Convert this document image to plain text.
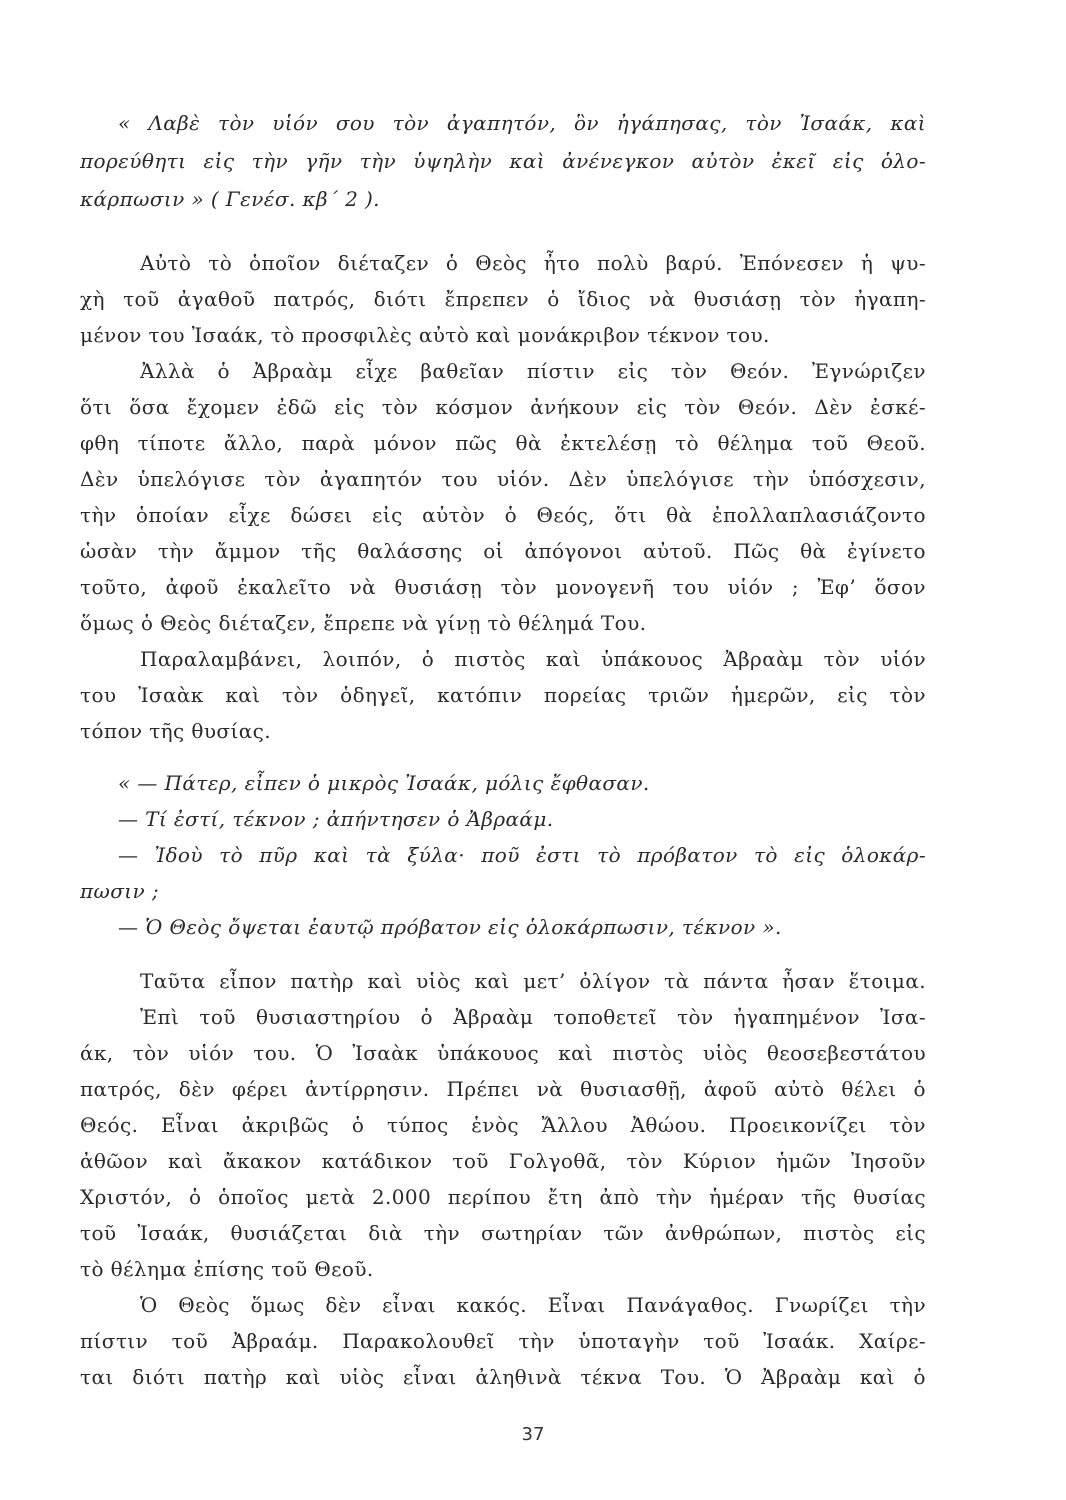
« Λαβὲ τὸν υἱόν σου τὸν ἀγαπητόν, ὃν ἠγάπησας, τὸν Ἰσαάκ, καὶ
πορεύθητι εἰς τὴν γῆν τὴν ὑψηλὴν καὶ ἀνένεγκον αὐτὸν ἐκεῖ εἰς ὁλο-
κάρπωσιν » ( Γενέσ. κβ΄ 2 ).
Αὐτὸ τὸ ὁποῖον διέταζεν ὁ Θεὸς ἦτο πολὺ βαρύ. Ἐπόνεσεν ἡ ψυ-
χὴ τοῦ ἀγαθοῦ πατρός, διότι ἔπρεπεν ὁ ἴδιος νὰ θυσιάσῃ τὸν ἠγαπη-
μένον του Ἰσαάκ, τὸ προσφιλὲς αὐτὸ καὶ μονάκριβον τέκνον του.
Ἀλλὰ ὁ Ἀβραὰμ εἶχε βαθεῖαν πίστιν εἰς τὸν Θεόν. Ἐγνώριζεν
ὅτι ὅσα ἔχομεν ἐδῶ εἰς τὸν κόσμον ἀνήκουν εἰς τὸν Θεόν. Δὲν ἐσκέ-
φθη τίποτε ἄλλο, παρὰ μόνον πῶς θὰ ἐκτελέσῃ τὸ θέλημα τοῦ Θεοῦ.
Δὲν ὑπελόγισε τὸν ἀγαπητόν του υἱόν. Δὲν ὑπελόγισε τὴν ὑπόσχεσιν,
τὴν ὁποίαν εἶχε δώσει εἰς αὐτὸν ὁ Θεός, ὅτι θὰ ἐπολλαπλασιάζοντο
ὡσὰν τὴν ἄμμον τῆς θαλάσσης οἱ ἀπόγονοι αὐτοῦ. Πῶς θὰ ἐγίνετο
τοῦτο, ἀφοῦ ἐκαλεῖτο νὰ θυσιάσῃ τὸν μονογενῆ του υἱόν ; Ἐφ’ ὅσον
ὅμως ὁ Θεὸς διέταζεν, ἔπρεπε νὰ γίνῃ τὸ θέλημά Του.
Παραλαμβάνει, λοιπόν, ὁ πιστὸς καὶ ὑπάκουος Ἀβραὰμ τὸν υἱόν
του Ἰσαὰκ καὶ τὸν ὁδηγεῖ, κατόπιν πορείας τριῶν ἡμερῶν, εἰς τὸν
τόπον τῆς θυσίας.
« — Πάτερ, εἶπεν ὁ μικρὸς Ἰσαάκ, μόλις ἔφθασαν.
— Τί ἐστί, τέκνον ; ἀπήντησεν ὁ Ἀβραάμ.
— Ἰδοὺ τὸ πῦρ καὶ τὰ ξύλα· ποῦ ἐστι τὸ πρόβατον τὸ εἰς ὁλοκάρ-
πωσιν ;
— Ὁ Θεὸς ὄψεται ἑαυτῷ πρόβατον εἰς ὁλοκάρπωσιν, τέκνον ».
Ταῦτα εἶπον πατὴρ καὶ υἱὸς καὶ μετ’ ὀλίγον τὰ πάντα ἦσαν ἕτοιμα.
Ἐπὶ τοῦ θυσιαστηρίου ὁ Ἀβραὰμ τοποθετεῖ τὸν ἠγαπημένον Ἰσα-
άκ, τὸν υἱόν του. Ὁ Ἰσαὰκ ὑπάκουος καὶ πιστὸς υἱὸς θεοσεβεστάτου
πατρός, δὲν φέρει ἀντίρρησιν. Πρέπει νὰ θυσιασθῇ, ἀφοῦ αὐτὸ θέλει ὁ
Θεός. Εἶναι ἀκριβῶς ὁ τύπος ἑνὸς Ἄλλου Ἀθώου. Προεικονίζει τὸν
ἀθῶον καὶ ἄκακον κατάδικον τοῦ Γολγοθᾶ, τὸν Κύριον ἡμῶν Ἰησοῦν
Χριστόν, ὁ ὁποῖος μετὰ 2.000 περίπου ἔτη ἀπὸ τὴν ἡμέραν τῆς θυσίας
τοῦ Ἰσαάκ, θυσιάζεται διὰ τὴν σωτηρίαν τῶν ἀνθρώπων, πιστὸς εἰς
τὸ θέλημα ἐπίσης τοῦ Θεοῦ.
Ὁ Θεὸς ὅμως δὲν εἶναι κακός. Εἶναι Πανάγαθος. Γνωρίζει τὴν
πίστιν τοῦ Ἀβραάμ. Παρακολουθεῖ τὴν ὑποταγὴν τοῦ Ἰσαάκ. Χαίρε-
ται διότι πατὴρ καὶ υἱὸς εἶναι ἀληθινὰ τέκνα Του. Ὁ Ἀβραὰμ καὶ ὁ
37
